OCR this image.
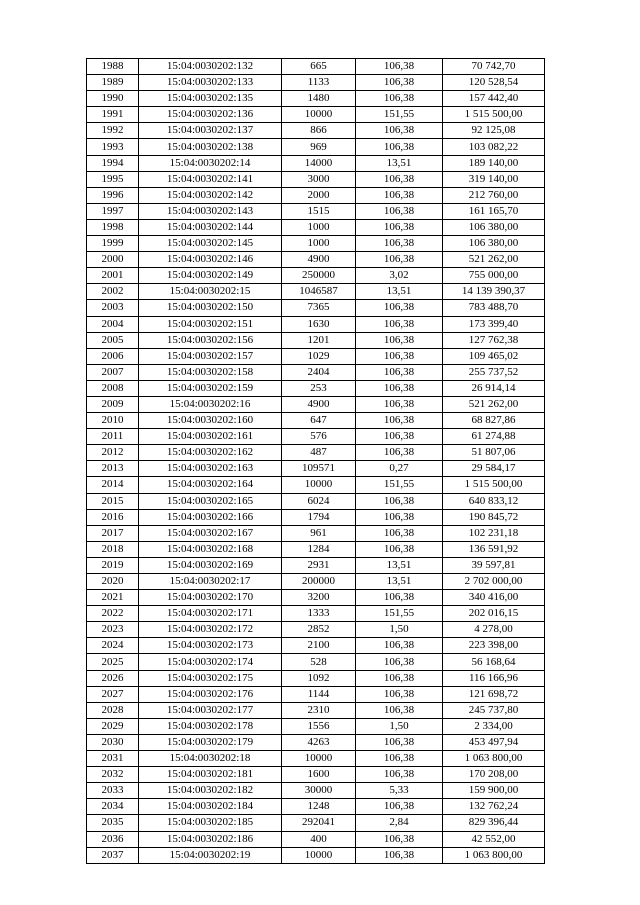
1988	15:04:0030202:132	665	106,38	70 742,70
1989	15:04:0030202:133	1133	106,38	120 528,54
1990	15:04:0030202:135	1480	106,38	157 442,40
1991	15:04:0030202:136	10000	151,55	1 515 500,00
1992	15:04:0030202:137	866	106,38	92 125,08
1993	15:04:0030202:138	969	106,38	103 082,22
1994	15:04:0030202:14	14000	13,51	189 140,00
1995	15:04:0030202:141	3000	106,38	319 140,00
1996	15:04:0030202:142	2000	106,38	212 760,00
1997	15:04:0030202:143	1515	106,38	161 165,70
1998	15:04:0030202:144	1000	106,38	106 380,00
1999	15:04:0030202:145	1000	106,38	106 380,00
2000	15:04:0030202:146	4900	106,38	521 262,00
2001	15:04:0030202:149	250000	3,02	755 000,00
2002	15:04:0030202:15	1046587	13,51	14 139 390,37
2003	15:04:0030202:150	7365	106,38	783 488,70
2004	15:04:0030202:151	1630	106,38	173 399,40
2005	15:04:0030202:156	1201	106,38	127 762,38
2006	15:04:0030202:157	1029	106,38	109 465,02
2007	15:04:0030202:158	2404	106,38	255 737,52
2008	15:04:0030202:159	253	106,38	26 914,14
2009	15:04:0030202:16	4900	106,38	521 262,00
2010	15:04:0030202:160	647	106,38	68 827,86
2011	15:04:0030202:161	576	106,38	61 274,88
2012	15:04:0030202:162	487	106,38	51 807,06
2013	15:04:0030202:163	109571	0,27	29 584,17
2014	15:04:0030202:164	10000	151,55	1 515 500,00
2015	15:04:0030202:165	6024	106,38	640 833,12
2016	15:04:0030202:166	1794	106,38	190 845,72
2017	15:04:0030202:167	961	106,38	102 231,18
2018	15:04:0030202:168	1284	106,38	136 591,92
2019	15:04:0030202:169	2931	13,51	39 597,81
2020	15:04:0030202:17	200000	13,51	2 702 000,00
2021	15:04:0030202:170	3200	106,38	340 416,00
2022	15:04:0030202:171	1333	151,55	202 016,15
2023	15:04:0030202:172	2852	1,50	4 278,00
2024	15:04:0030202:173	2100	106,38	223 398,00
2025	15:04:0030202:174	528	106,38	56 168,64
2026	15:04:0030202:175	1092	106,38	116 166,96
2027	15:04:0030202:176	1144	106,38	121 698,72
2028	15:04:0030202:177	2310	106,38	245 737,80
2029	15:04:0030202:178	1556	1,50	2 334,00
2030	15:04:0030202:179	4263	106,38	453 497,94
2031	15:04:0030202:18	10000	106,38	1 063 800,00
2032	15:04:0030202:181	1600	106,38	170 208,00
2033	15:04:0030202:182	30000	5,33	159 900,00
2034	15:04:0030202:184	1248	106,38	132 762,24
2035	15:04:0030202:185	292041	2,84	829 396,44
2036	15:04:0030202:186	400	106,38	42 552,00
2037	15:04:0030202:19	10000	106,38	1 063 800,00
